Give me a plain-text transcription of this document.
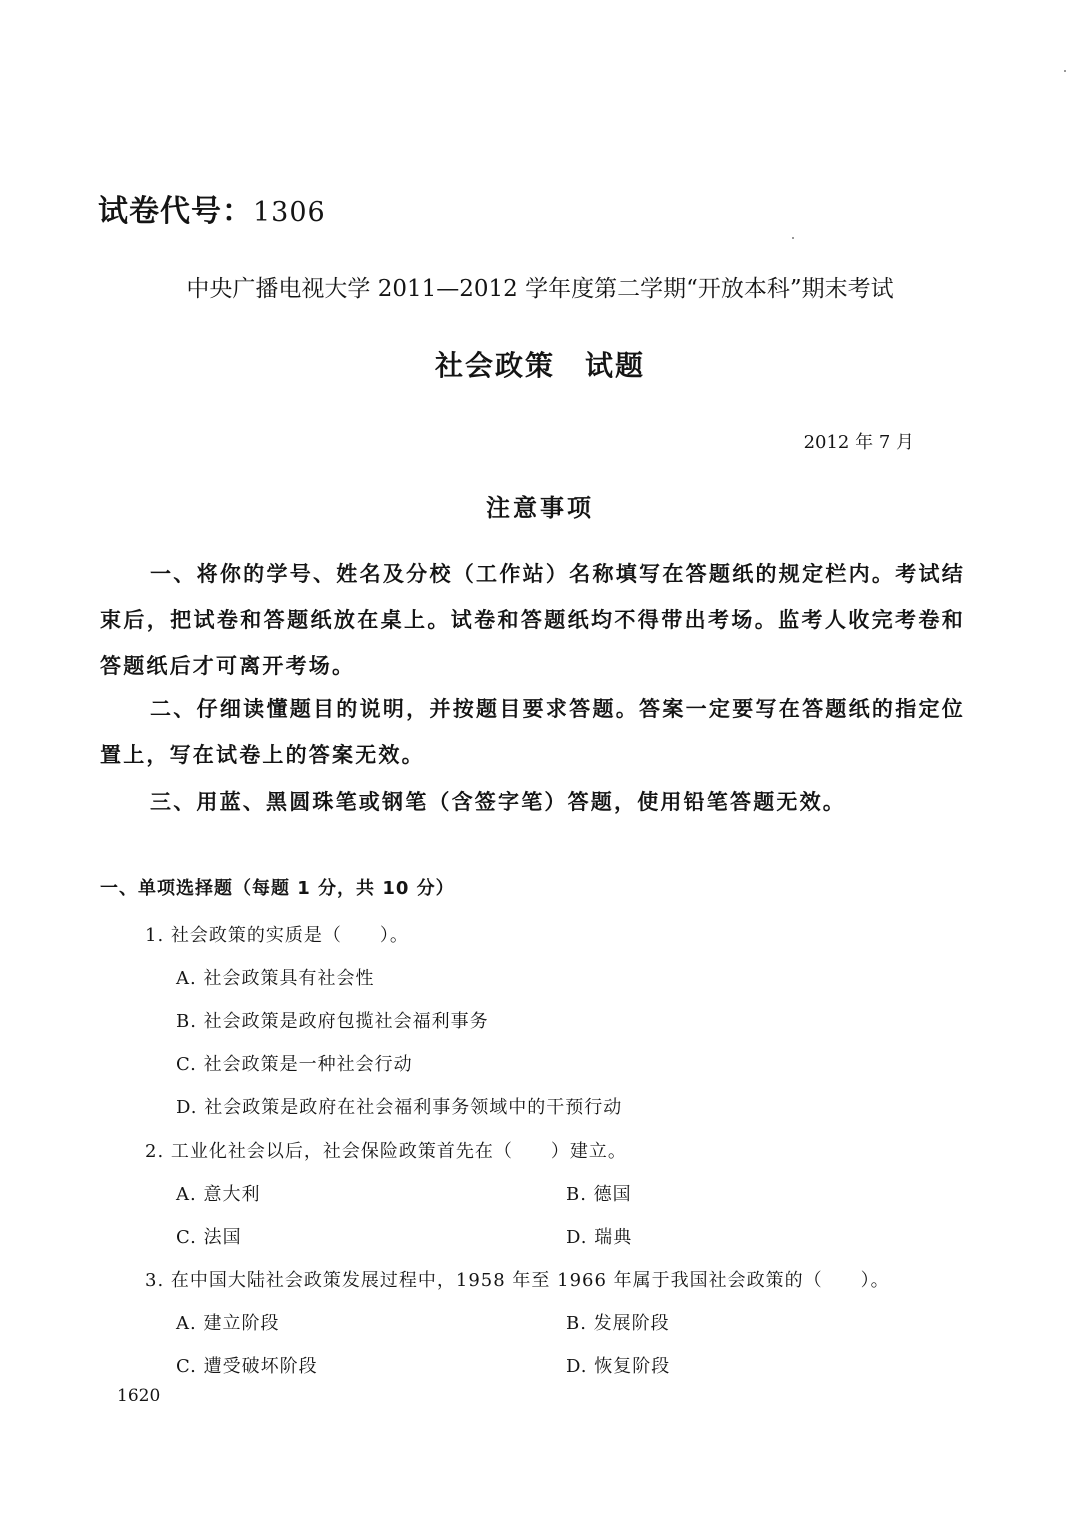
试卷代号：1306
中央广播电视大学 2011—2012 学年度第二学期“开放本科”期末考试
社会政策　试题
2012 年 7 月
注意事项
一、将你的学号、姓名及分校（工作站）名称填写在答题纸的规定栏内。考试结束后，把试卷和答题纸放在桌上。试卷和答题纸均不得带出考场。监考人收完考卷和答题纸后才可离开考场。
二、仔细读懂题目的说明，并按题目要求答题。答案一定要写在答题纸的指定位置上，写在试卷上的答案无效。
三、用蓝、黑圆珠笔或钢笔（含签字笔）答题，使用铅笔答题无效。
一、单项选择题（每题 1 分，共 10 分）
1. 社会政策的实质是（　　）。
A. 社会政策具有社会性
B. 社会政策是政府包揽社会福利事务
C. 社会政策是一种社会行动
D. 社会政策是政府在社会福利事务领域中的干预行动
2. 工业化社会以后，社会保险政策首先在（　　）建立。
A. 意大利	B. 德国
C. 法国	D. 瑞典
3. 在中国大陆社会政策发展过程中，1958 年至 1966 年属于我国社会政策的（　　）。
A. 建立阶段	B. 发展阶段
C. 遭受破坏阶段	D. 恢复阶段
1620
